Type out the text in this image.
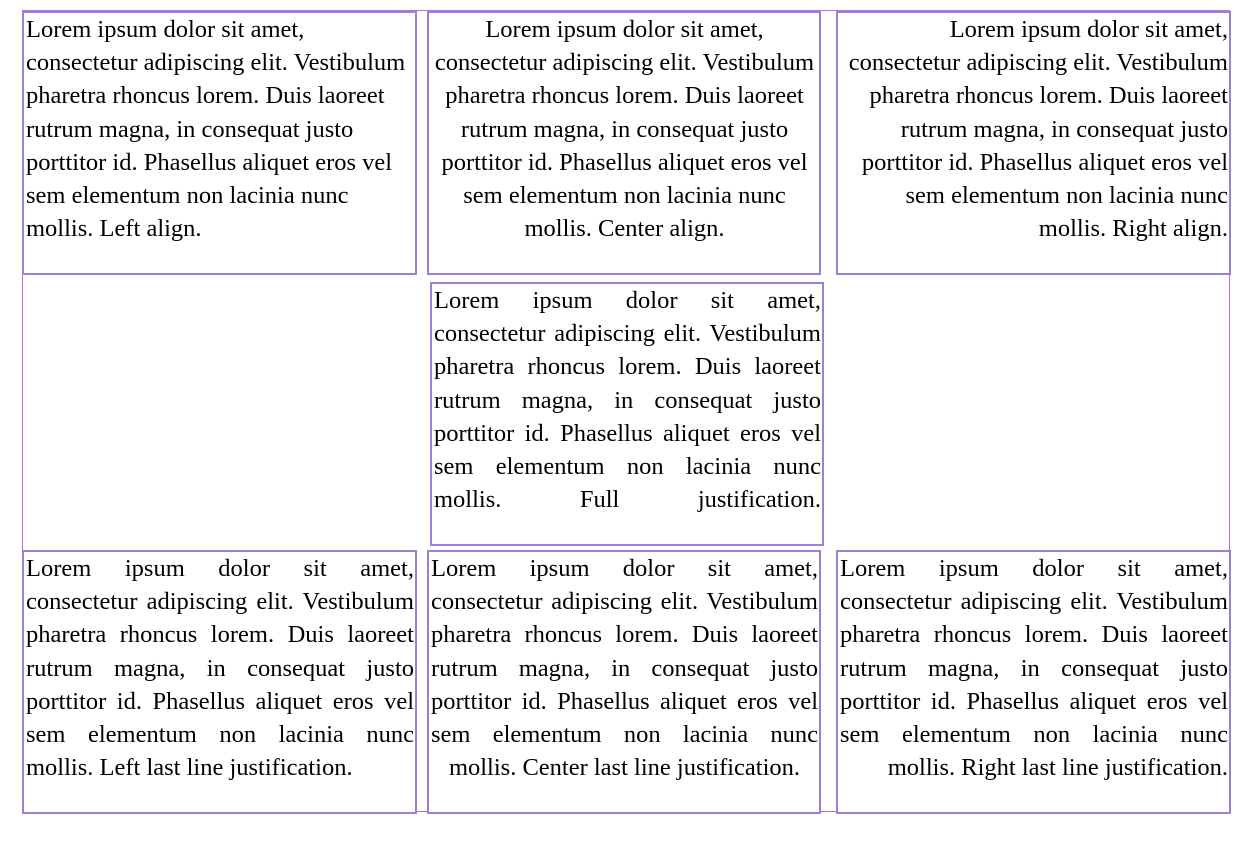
Lorem ipsum dolor sit amet, consectetur adipiscing elit. Vestibulum pharetra rhoncus lorem. Duis laoreet rutrum magna, in consequat justo porttitor id. Phasellus aliquet eros vel sem elementum non lacinia nunc mollis. Left align.
Lorem ipsum dolor sit amet, consectetur adipiscing elit. Vestibulum pharetra rhoncus lorem. Duis laoreet rutrum magna, in consequat justo porttitor id. Phasellus aliquet eros vel sem elementum non lacinia nunc mollis. Center align.
Lorem ipsum dolor sit amet, consectetur adipiscing elit. Vestibulum pharetra rhoncus lorem. Duis laoreet rutrum magna, in consequat justo porttitor id. Phasellus aliquet eros vel sem elementum non lacinia nunc mollis. Right align.
Lorem ipsum dolor sit amet, consectetur adipiscing elit. Vestibulum pharetra rhoncus lorem. Duis laoreet rutrum magna, in consequat justo porttitor id. Phasellus aliquet eros vel sem elementum non lacinia nunc mollis. Full justification.
Lorem ipsum dolor sit amet, consectetur adipiscing elit. Vestibulum pharetra rhoncus lorem. Duis laoreet rutrum magna, in consequat justo porttitor id. Phasellus aliquet eros vel sem elementum non lacinia nunc mollis. Left last line justification.
Lorem ipsum dolor sit amet, consectetur adipiscing elit. Vestibulum pharetra rhoncus lorem. Duis laoreet rutrum magna, in consequat justo porttitor id. Phasellus aliquet eros vel sem elementum non lacinia nunc mollis. Center last line justification.
Lorem ipsum dolor sit amet, consectetur adipiscing elit. Vestibulum pharetra rhoncus lorem. Duis laoreet rutrum magna, in consequat justo porttitor id. Phasellus aliquet eros vel sem elementum non lacinia nunc mollis. Right last line justification.
